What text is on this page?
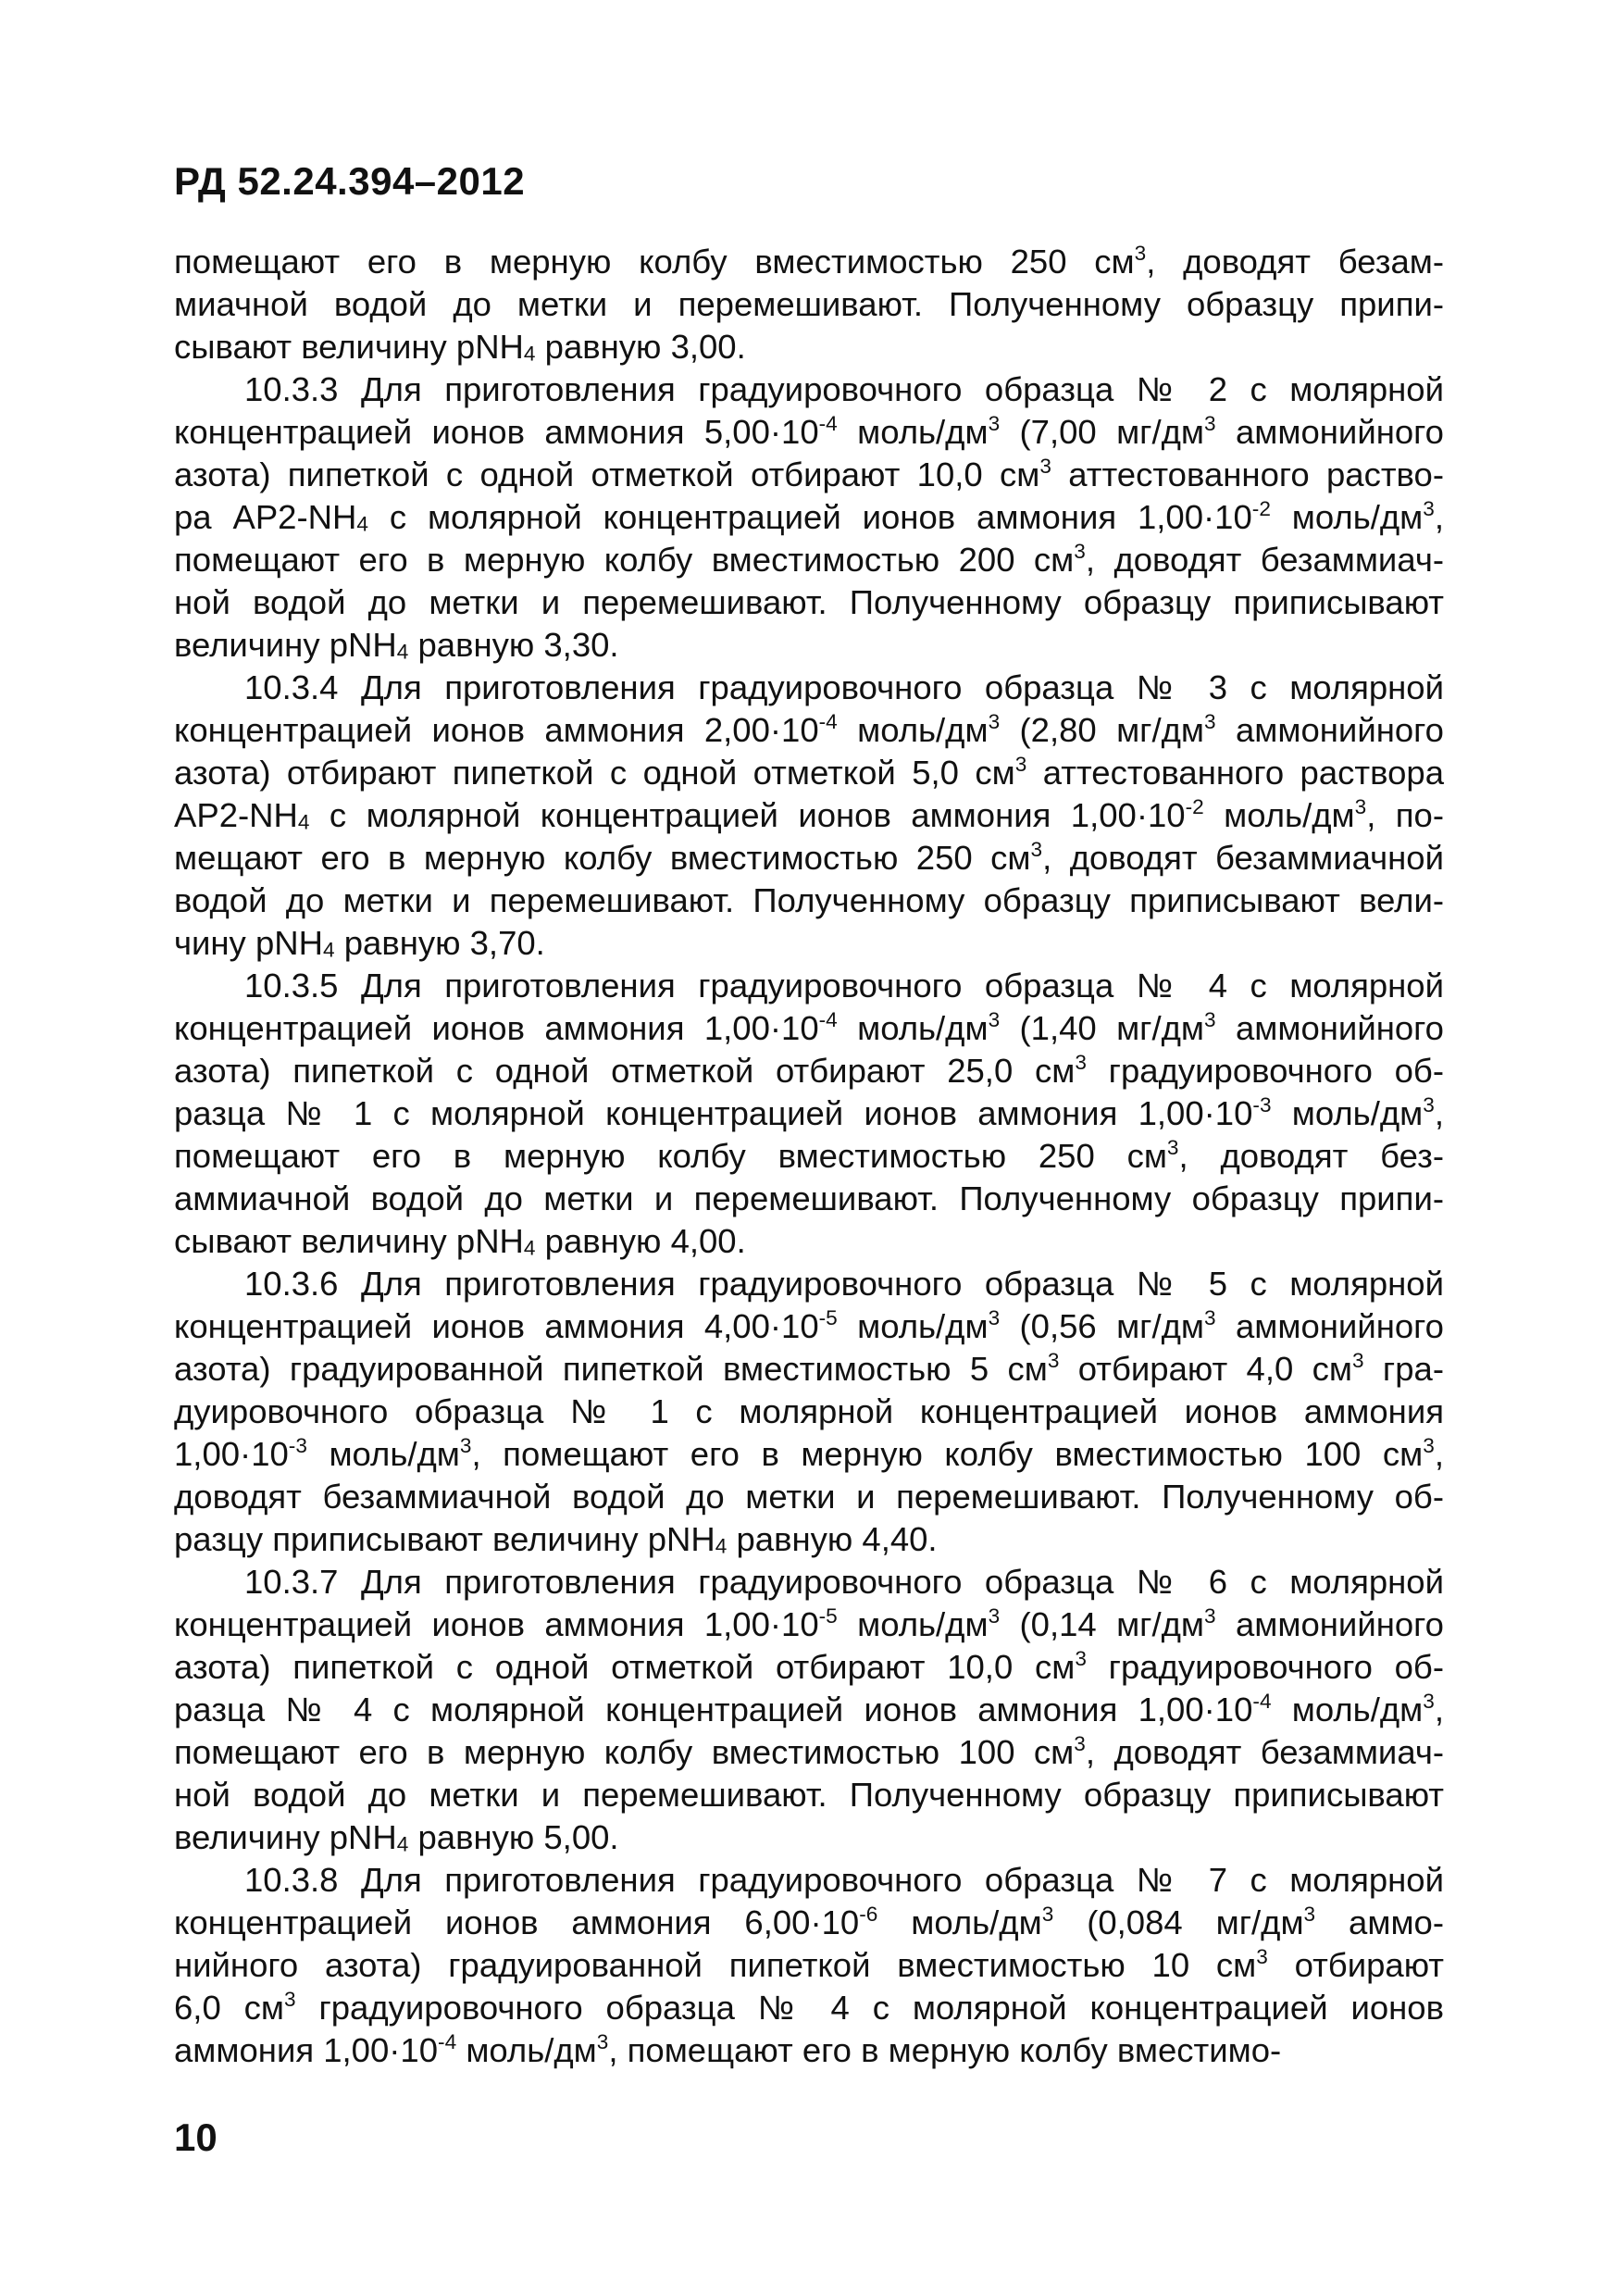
РД 52.24.394–2012
помещают его в мерную колбу вместимостью 250 $см^3$, доводят безам-
миачной водой до метки и перемешивают. Полученному образцу припи-
сывают величину pNH$_4$ равную 3,00.
10.3.3 Для приготовления градуировочного образца № 2 с молярной
концентрацией ионов аммония $5,00\cdot 10^{-4}$ моль/$дм^3$ (7,00 $мг/дм^3$ аммонийного
азота) пипеткой с одной отметкой отбирают 10,0 $см^3$ аттестованного раство-
ра $АР2-NH_4$ с молярной концентрацией ионов аммония $1,00\cdot 10^{-2}$ моль/$дм^3$,
помещают его в мерную колбу вместимостью 200 $см^3$, доводят безаммиач-
ной водой до метки и перемешивают. Полученному образцу приписывают
величину pNH$_4$ равную 3,30.
10.3.4 Для приготовления градуировочного образца № 3 с молярной
концентрацией ионов аммония $2,00\cdot 10^{-4}$ моль/$дм^3$ (2,80 $мг/дм^3$ аммонийного
азота) отбирают пипеткой с одной отметкой 5,0 $см^3$ аттестованного раствора
$АР2-NH_4$ с молярной концентрацией ионов аммония $1,00\cdot 10^{-2}$ моль/$дм^3$, по-
мещают его в мерную колбу вместимостью 250 $см^3$, доводят безаммиачной
водой до метки и перемешивают. Полученному образцу приписывают вели-
чину pNH$_4$ равную 3,70.
10.3.5 Для приготовления градуировочного образца № 4 с молярной
концентрацией ионов аммония $1,00\cdot 10^{-4}$ моль/$дм^3$ (1,40 $мг/дм^3$ аммонийного
азота) пипеткой с одной отметкой отбирают 25,0 $см^3$ градуировочного об-
разца № 1 с молярной концентрацией ионов аммония $1,00\cdot 10^{-3}$ моль/$дм^3$,
помещают его в мерную колбу вместимостью 250 $см^3$, доводят без-
аммиачной водой до метки и перемешивают. Полученному образцу припи-
сывают величину pNH$_4$ равную 4,00.
10.3.6 Для приготовления градуировочного образца № 5 с молярной
концентрацией ионов аммония $4,00\cdot 10^{-5}$ моль/$дм^3$ (0,56 $мг/дм^3$ аммонийного
азота) градуированной пипеткой вместимостью 5 $см^3$ отбирают 4,0 $см^3$ гра-
дуировочного образца № 1 с молярной концентрацией ионов аммония
$1,00\cdot 10^{-3}$ моль/$дм^3$, помещают его в мерную колбу вместимостью 100 $см^3$,
доводят безаммиачной водой до метки и перемешивают. Полученному об-
разцу приписывают величину pNH$_4$ равную 4,40.
10.3.7 Для приготовления градуировочного образца № 6 с молярной
концентрацией ионов аммония $1,00\cdot 10^{-5}$ моль/$дм^3$ (0,14 $мг/дм^3$ аммонийного
азота) пипеткой с одной отметкой отбирают 10,0 $см^3$ градуировочного об-
разца № 4 с молярной концентрацией ионов аммония $1,00\cdot 10^{-4}$ моль/$дм^3$,
помещают его в мерную колбу вместимостью 100 $см^3$, доводят безаммиач-
ной водой до метки и перемешивают. Полученному образцу приписывают
величину pNH$_4$ равную 5,00.
10.3.8 Для приготовления градуировочного образца № 7 с молярной
концентрацией ионов аммония $6,00\cdot 10^{-6}$ моль/$дм^3$ (0,084 $мг/дм^3$ аммо-
нийного азота) градуированной пипеткой вместимостью 10 $см^3$ отбирают
6,0 $см^3$ градуировочного образца № 4 с молярной концентрацией ионов
аммония $1,00\cdot 10^{-4}$ моль/$дм^3$, помещают его в мерную колбу вместимо-
10
